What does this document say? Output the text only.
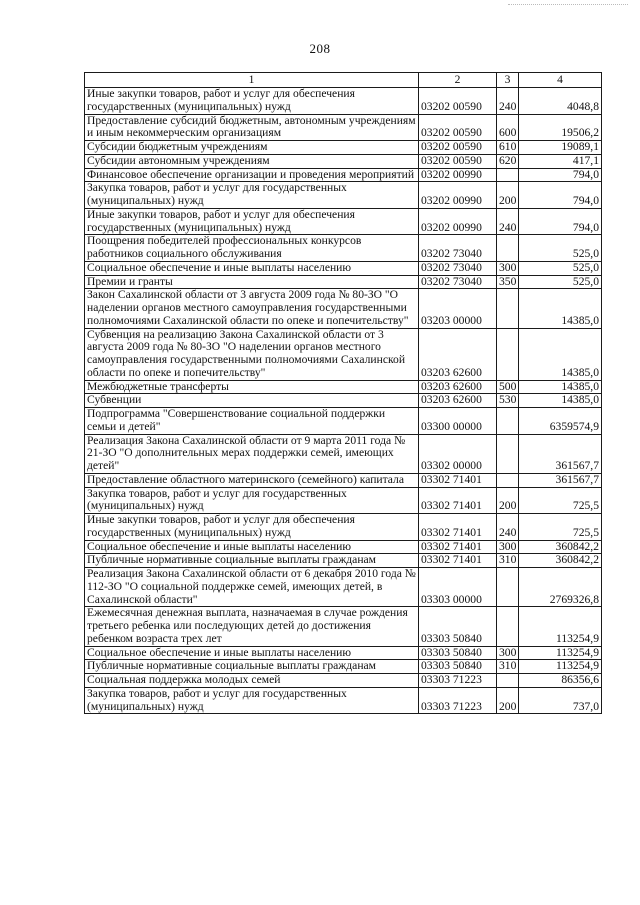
208
1	2	3	4
Иные закупки товаров, работ и услуг для обеспечения государственных (муниципальных) нужд	03202 00590	240	4048,8
Предоставление субсидий бюджетным, автономным учреждениям и иным некоммерческим организациям	03202 00590	600	19506,2
Субсидии бюджетным учреждениям	03202 00590	610	19089,1
Субсидии автономным учреждениям	03202 00590	620	417,1
Финансовое обеспечение организации и проведения мероприятий	03202 00990		794,0
Закупка товаров, работ и услуг для государственных (муниципальных) нужд	03202 00990	200	794,0
Иные закупки товаров, работ и услуг для обеспечения государственных (муниципальных) нужд	03202 00990	240	794,0
Поощрения победителей профессиональных конкурсов работников социального обслуживания	03202 73040		525,0
Социальное обеспечение и иные выплаты населению	03202 73040	300	525,0
Премии и гранты	03202 73040	350	525,0
Закон Сахалинской области от 3 августа 2009 года № 80-ЗО "О наделении органов местного самоуправления государственными полномочиями Сахалинской области по опеке и попечительству"	03203 00000		14385,0
Субвенция на реализацию Закона Сахалинской области от 3 августа 2009 года № 80-ЗО "О наделении органов местного самоуправления государственными полномочиями Сахалинской области по опеке и попечительству"	03203 62600		14385,0
Межбюджетные трансферты	03203 62600	500	14385,0
Субвенции	03203 62600	530	14385,0
Подпрограмма "Совершенствование социальной поддержки семьи и детей"	03300 00000		6359574,9
Реализация Закона Сахалинской области от 9 марта 2011 года № 21-ЗО "О дополнительных мерах поддержки семей, имеющих детей"	03302 00000		361567,7
Предоставление областного материнского (семейного) капитала	03302 71401		361567,7
Закупка товаров, работ и услуг для государственных (муниципальных) нужд	03302 71401	200	725,5
Иные закупки товаров, работ и услуг для обеспечения государственных (муниципальных) нужд	03302 71401	240	725,5
Социальное обеспечение и иные выплаты населению	03302 71401	300	360842,2
Публичные нормативные социальные выплаты гражданам	03302 71401	310	360842,2
Реализация Закона Сахалинской области от 6 декабря 2010 года № 112-ЗО "О социальной поддержке семей, имеющих детей, в Сахалинской области"	03303 00000		2769326,8
Ежемесячная денежная выплата, назначаемая в случае рождения третьего ребенка или последующих детей до достижения ребенком возраста трех лет	03303 50840		113254,9
Социальное обеспечение и иные выплаты населению	03303 50840	300	113254,9
Публичные нормативные социальные выплаты гражданам	03303 50840	310	113254,9
Социальная поддержка молодых семей	03303 71223		86356,6
Закупка товаров, работ и услуг для государственных (муниципальных) нужд	03303 71223	200	737,0
